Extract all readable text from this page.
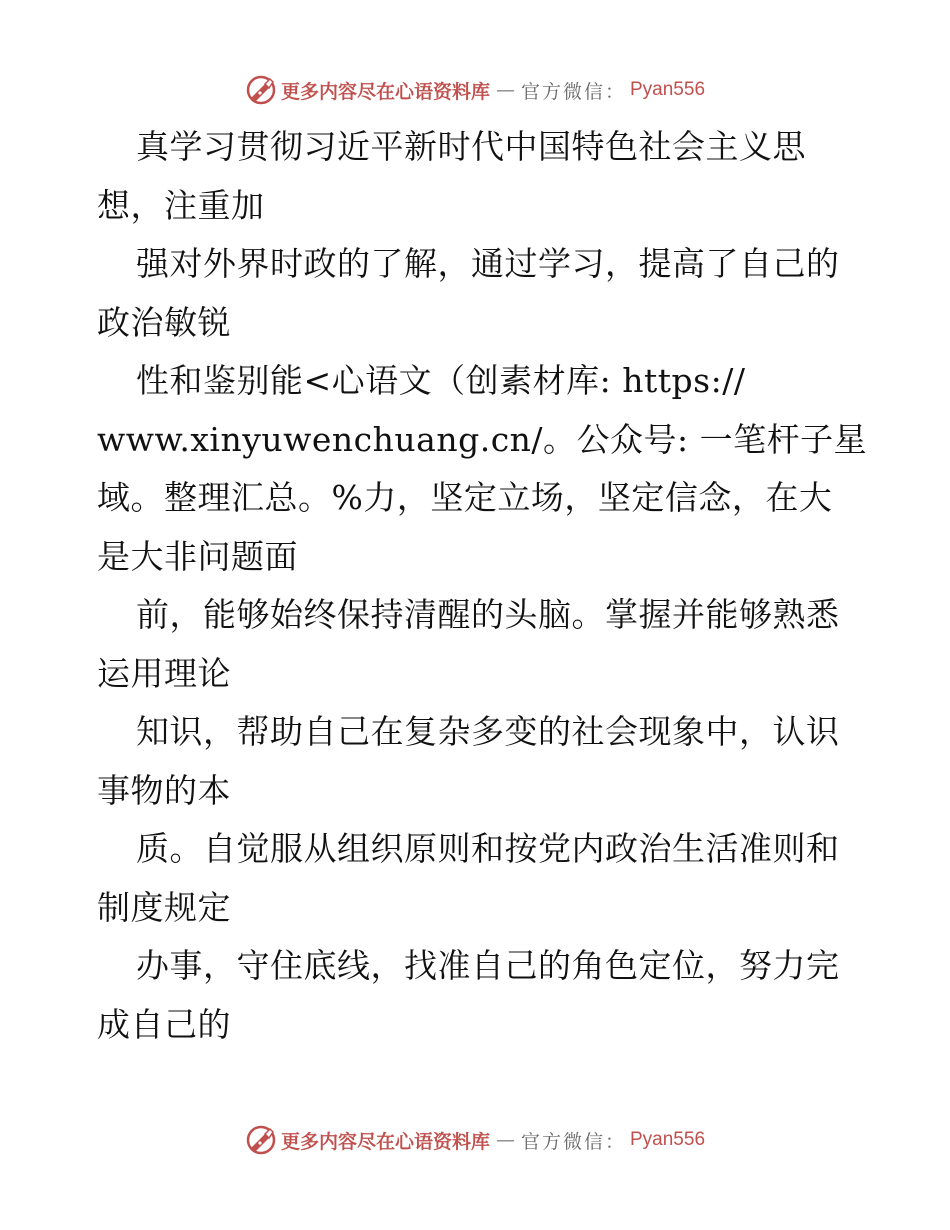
更多内容尽在心语资料库 — 官方微信： Pyan556
真学习贯彻习近平新时代中国特色社会主义思
想，注重加
强对外界时政的了解，通过学习，提高了自己的
政治敏锐
性和鉴别能<心语文（创素材库: https://
www.xinyuwenchuang.cn/。公众号: 一笔杆子星
域。整理汇总。%力，坚定立场，坚定信念，在大
是大非问题面
前，能够始终保持清醒的头脑。掌握并能够熟悉
运用理论
知识，帮助自己在复杂多变的社会现象中，认识
事物的本
质。自觉服从组织原则和按党内政治生活准则和
制度规定
办事，守住底线，找准自己的角色定位，努力完
成自己的
更多内容尽在心语资料库 — 官方微信： Pyan556
